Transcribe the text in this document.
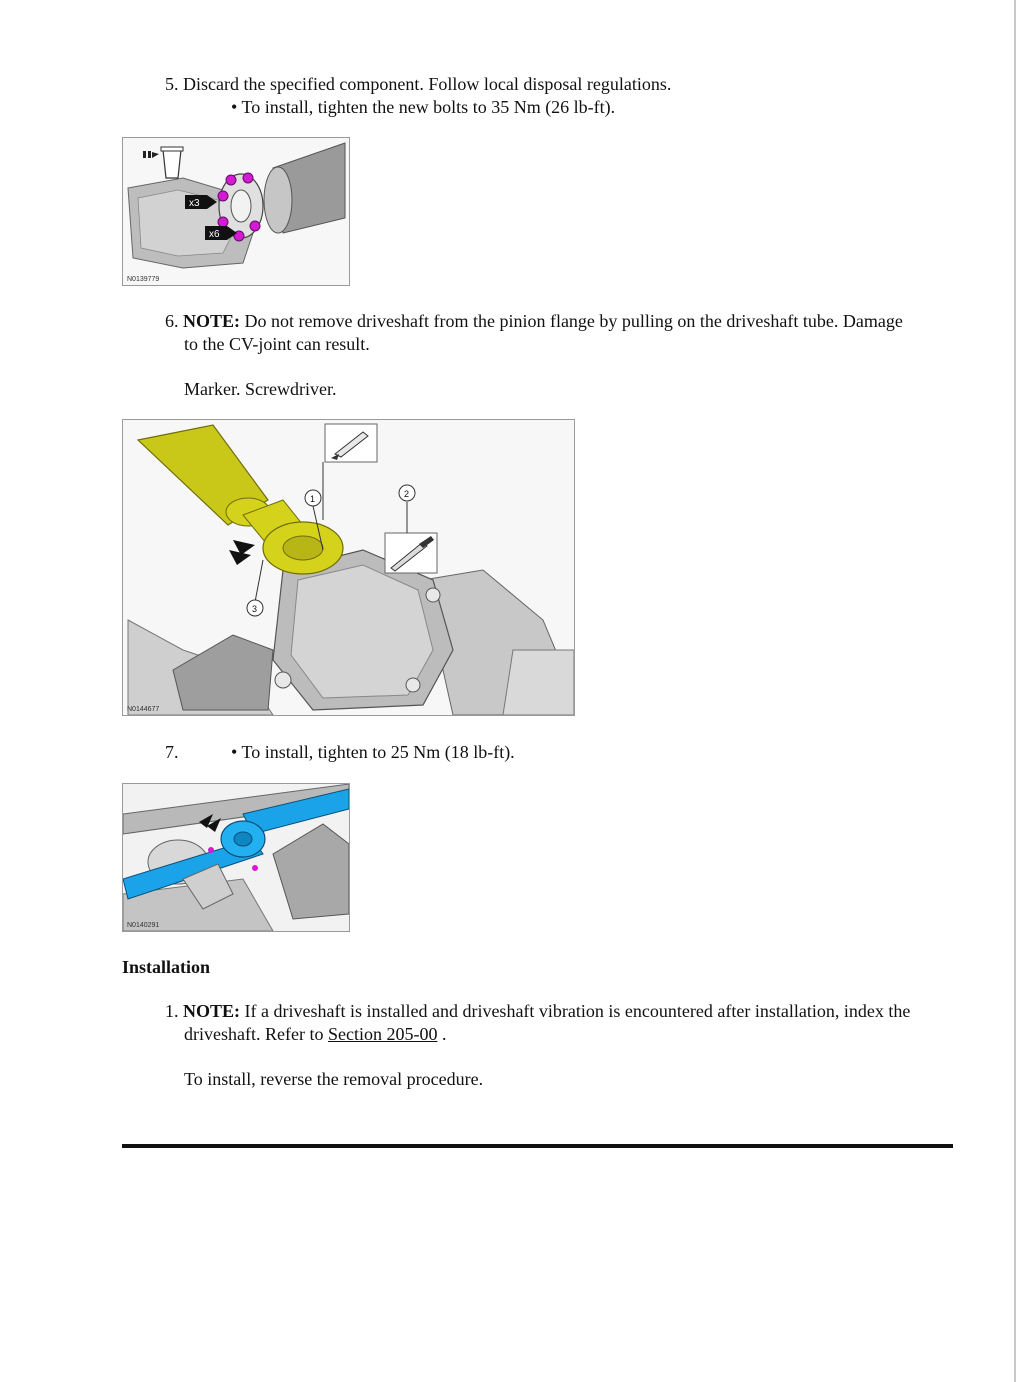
5. Discard the specified component. Follow local disposal regulations.
• To install, tighten the new bolts to 35 Nm (26 lb-ft).
x3
x6
N0139779
6. NOTE: Do not remove driveshaft from the pinion flange by pulling on the driveshaft tube. Damage
to the CV-joint can result.
Marker. Screwdriver.
1	2
3
N0144677
7.	• To install, tighten to 25 Nm (18 lb-ft).
N0140291
Installation
1. NOTE: If a driveshaft is installed and driveshaft vibration is encountered after installation, index the
driveshaft. Refer to Section 205-00 .
To install, reverse the removal procedure.
